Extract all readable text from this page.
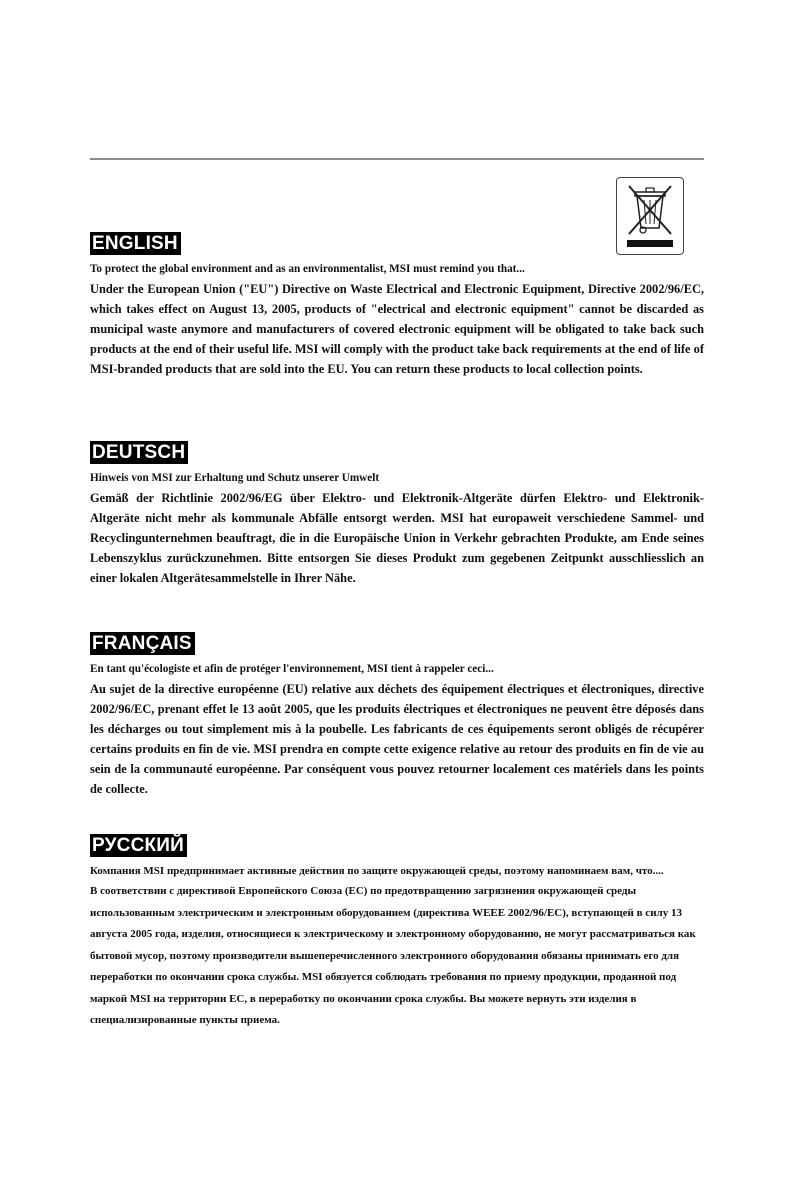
ENGLISH

To protect the global environment and as an environmentalist, MSI must remind you that...

Under the European Union ("EU") Directive on Waste Electrical and Electronic Equipment, Directive 2002/96/EC, which takes effect on August 13, 2005, products of "electrical and electronic equipment" cannot be discarded as municipal waste anymore and manufacturers of covered electronic equipment will be obligated to take back such products at the end of their useful life. MSI will comply with the product take back requirements at the end of life of MSI-branded products that are sold into the EU. You can return these products to local collection points.

DEUTSCH

Hinweis von MSI zur Erhaltung und Schutz unserer Umwelt

Gemäß der Richtlinie 2002/96/EG über Elektro- und Elektronik-Altgeräte dürfen Elektro- und Elektronik-Altgeräte nicht mehr als kommunale Abfälle entsorgt werden. MSI hat europaweit verschiedene Sammel- und Recyclingunternehmen beauftragt, die in die Europäische Union in Verkehr gebrachten Produkte, am Ende seines Lebenszyklus zurückzunehmen. Bitte entsorgen Sie dieses Produkt zum gegebenen Zeitpunkt ausschliesslich an einer lokalen Altgerätesammelstelle in Ihrer Nähe.

FRANÇAIS

En tant qu'écologiste et afin de protéger l'environnement, MSI tient à rappeler ceci...

Au sujet de la directive européenne (EU) relative aux déchets des équipement électriques et électroniques, directive 2002/96/EC, prenant effet le 13 août 2005, que les produits électriques et électroniques ne peuvent être déposés dans les décharges ou tout simplement mis à la poubelle. Les fabricants de ces équipements seront obligés de récupérer certains produits en fin de vie. MSI prendra en compte cette exigence relative au retour des produits en fin de vie au sein de la communauté européenne. Par conséquent vous pouvez retourner localement ces matériels dans les points de collecte.

РУССКИЙ

Компания MSI предпринимает активные действия по защите окружающей среды, поэтому напоминаем вам, что....

В соответствии с директивой Европейского Союза (ЕС) по предотвращению загрязнения окружающей среды использованным электрическим и электронным оборудованием (директива WEEE 2002/96/EC), вступающей в силу 13 августа 2005 года, изделия, относящиеся к электрическому и электронному оборудованию, не могут рассматриваться как бытовой мусор, поэтому производители вышеперечисленного электронного оборудования обязаны принимать его для переработки по окончании срока службы. MSI обязуется соблюдать требования по приему продукции, проданной под маркой MSI на территории ЕС, в переработку по окончании срока службы. Вы можете вернуть эти изделия в специализированные пункты приема.
